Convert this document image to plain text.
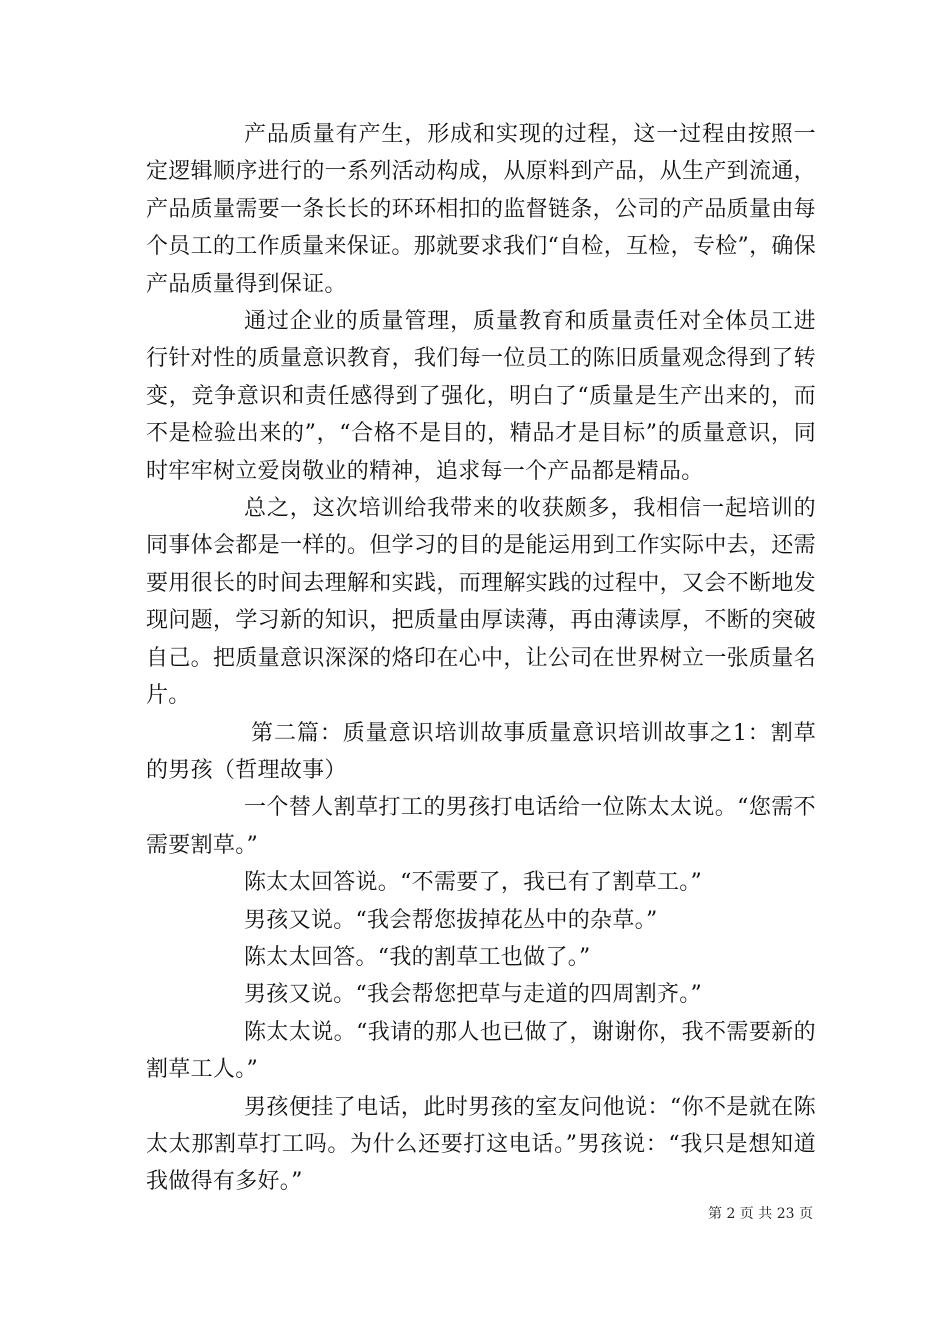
产品质量有产生，形成和实现的过程，这一过程由按照一定逻辑顺序进行的一系列活动构成，从原料到产品，从生产到流通，产品质量需要一条长长的环环相扣的监督链条，公司的产品质量由每个员工的工作质量来保证。那就要求我们“自检，互检，专检”，确保产品质量得到保证。

通过企业的质量管理，质量教育和质量责任对全体员工进行针对性的质量意识教育，我们每一位员工的陈旧质量观念得到了转变，竞争意识和责任感得到了强化，明白了“质量是生产出来的，而不是检验出来的”，“合格不是目的，精品才是目标”的质量意识，同时牢牢树立爱岗敬业的精神，追求每一个产品都是精品。

总之，这次培训给我带来的收获颇多，我相信一起培训的同事体会都是一样的。但学习的目的是能运用到工作实际中去，还需要用很长的时间去理解和实践，而理解实践的过程中，又会不断地发现问题，学习新的知识，把质量由厚读薄，再由薄读厚，不断的突破自己。把质量意识深深的烙印在心中，让公司在世界树立一张质量名片。

第二篇：质量意识培训故事质量意识培训故事之1：割草的男孩（哲理故事）

一个替人割草打工的男孩打电话给一位陈太太说。“您需不需要割草。”

陈太太回答说。“不需要了，我已有了割草工。”

男孩又说。“我会帮您拔掉花丛中的杂草。”

陈太太回答。“我的割草工也做了。”

男孩又说。“我会帮您把草与走道的四周割齐。”

陈太太说。“我请的那人也已做了，谢谢你，我不需要新的割草工人。”

男孩便挂了电话，此时男孩的室友问他说：“你不是就在陈太太那割草打工吗。为什么还要打这电话。”男孩说：“我只是想知道我做得有多好。”

第 2 页 共 23 页
